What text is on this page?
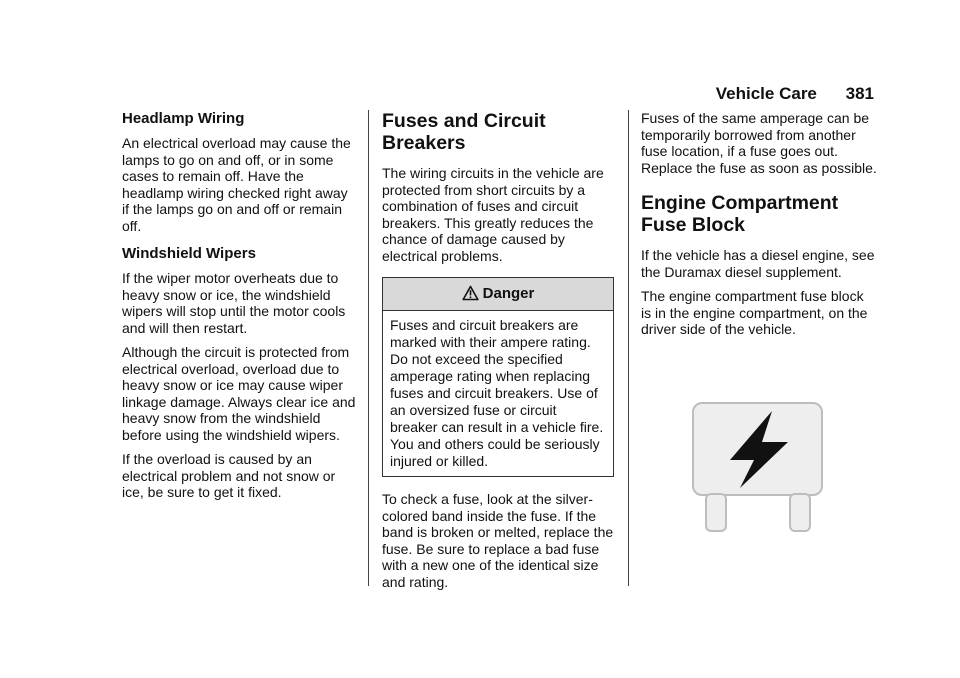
Vehicle Care 381
Headlamp Wiring

An electrical overload may cause the lamps to go on and off, or in some cases to remain off. Have the headlamp wiring checked right away if the lamps go on and off or remain off.

Windshield Wipers

If the wiper motor overheats due to heavy snow or ice, the windshield wipers will stop until the motor cools and will then restart.

Although the circuit is protected from electrical overload, overload due to heavy snow or ice may cause wiper linkage damage. Always clear ice and heavy snow from the windshield before using the windshield wipers.

If the overload is caused by an electrical problem and not snow or ice, be sure to get it fixed.

Fuses and Circuit Breakers

The wiring circuits in the vehicle are protected from short circuits by a combination of fuses and circuit breakers. This greatly reduces the chance of damage caused by electrical problems.

Danger
Fuses and circuit breakers are marked with their ampere rating. Do not exceed the specified amperage rating when replacing fuses and circuit breakers. Use of an oversized fuse or circuit breaker can result in a vehicle fire. You and others could be seriously injured or killed.

To check a fuse, look at the silver-colored band inside the fuse. If the band is broken or melted, replace the fuse. Be sure to replace a bad fuse with a new one of the identical size and rating.

Fuses of the same amperage can be temporarily borrowed from another fuse location, if a fuse goes out. Replace the fuse as soon as possible.

Engine Compartment Fuse Block

If the vehicle has a diesel engine, see the Duramax diesel supplement.

The engine compartment fuse block is in the engine compartment, on the driver side of the vehicle.
